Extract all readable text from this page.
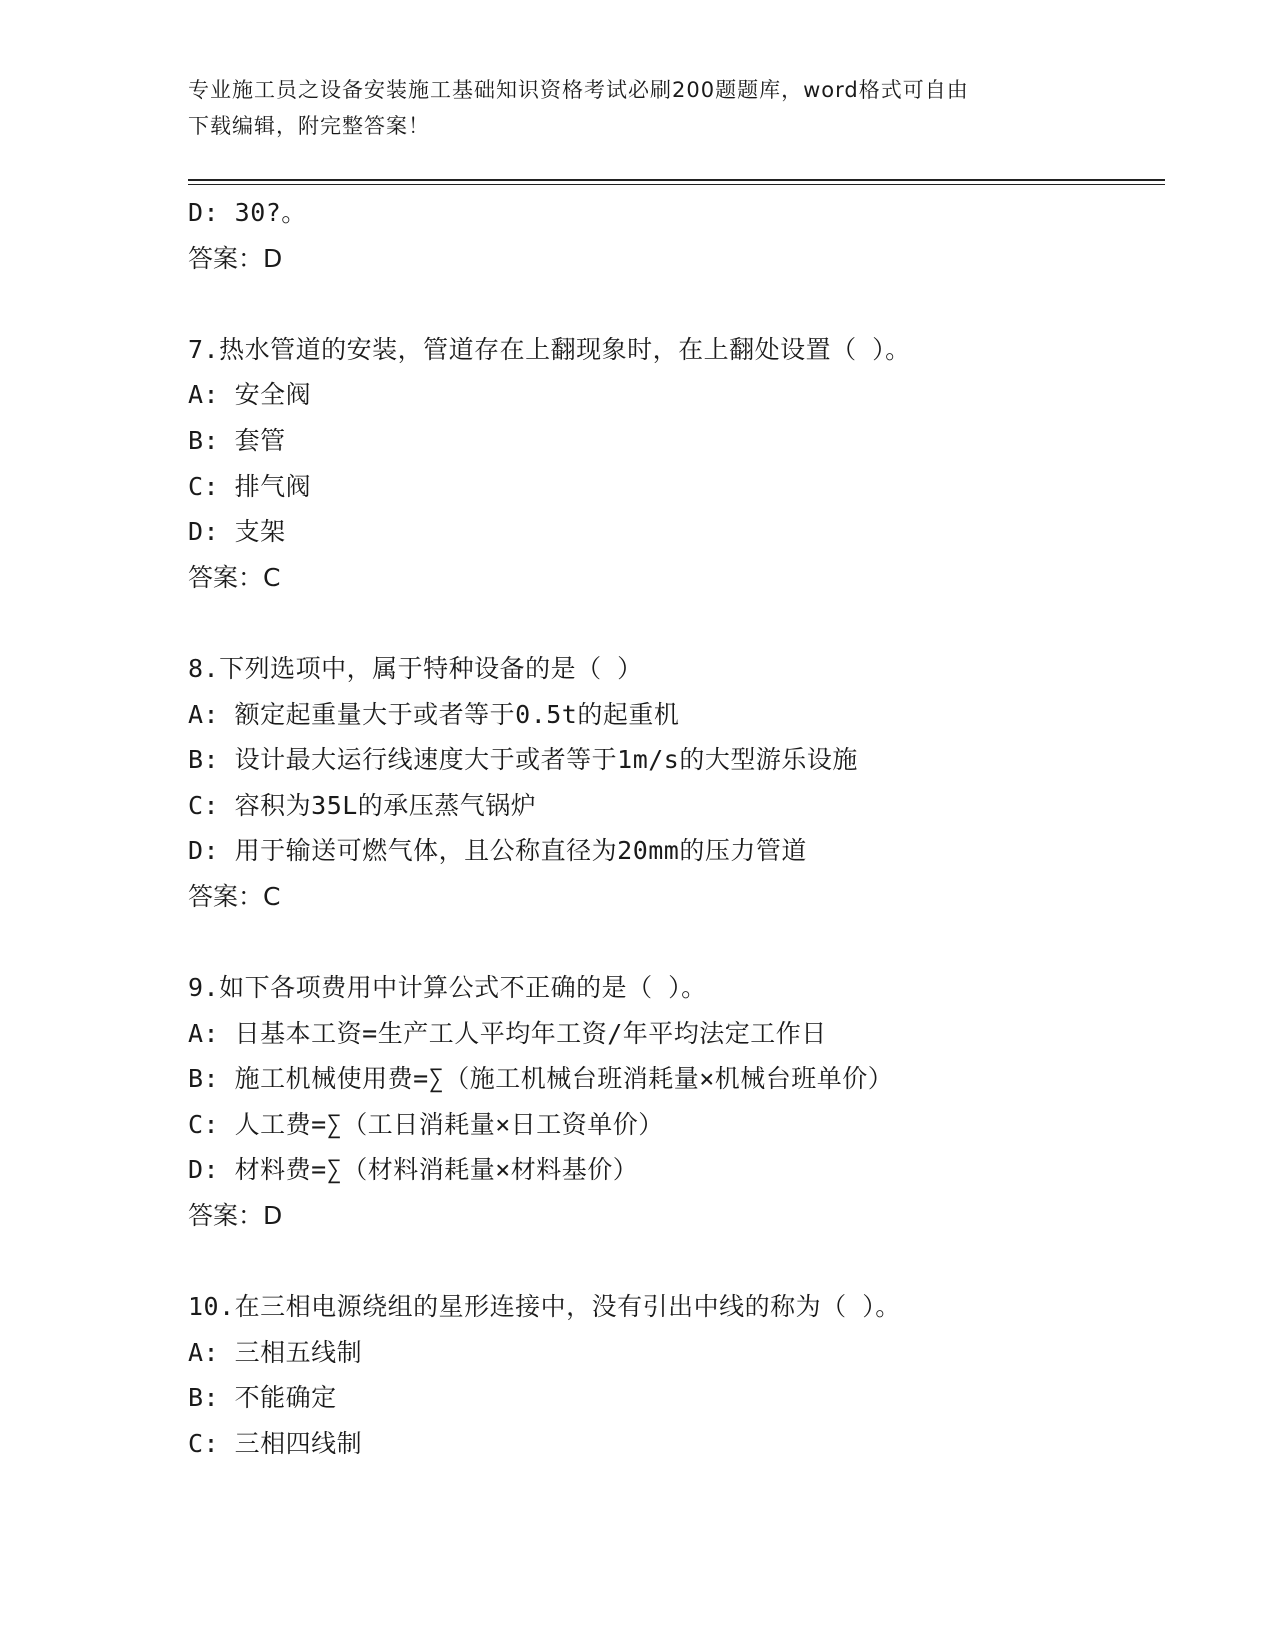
专业施工员之设备安装施工基础知识资格考试必刷200题题库，word格式可自由
下载编辑，附完整答案！
D: 30?。
答案：D
7.热水管道的安装，管道存在上翻现象时，在上翻处设置（ ）。
A: 安全阀
B: 套管
C: 排气阀
D: 支架
答案：C
8.下列选项中，属于特种设备的是（ ）
A: 额定起重量大于或者等于0.5t的起重机
B: 设计最大运行线速度大于或者等于1m/s的大型游乐设施
C: 容积为35L的承压蒸气锅炉
D: 用于输送可燃气体，且公称直径为20mm的压力管道
答案：C
9.如下各项费用中计算公式不正确的是（ ）。
A: 日基本工资=生产工人平均年工资/年平均法定工作日
B: 施工机械使用费=∑（施工机械台班消耗量×机械台班单价）
C: 人工费=∑（工日消耗量×日工资单价）
D: 材料费=∑（材料消耗量×材料基价）
答案：D
10.在三相电源绕组的星形连接中，没有引出中线的称为（ ）。
A: 三相五线制
B: 不能确定
C: 三相四线制
